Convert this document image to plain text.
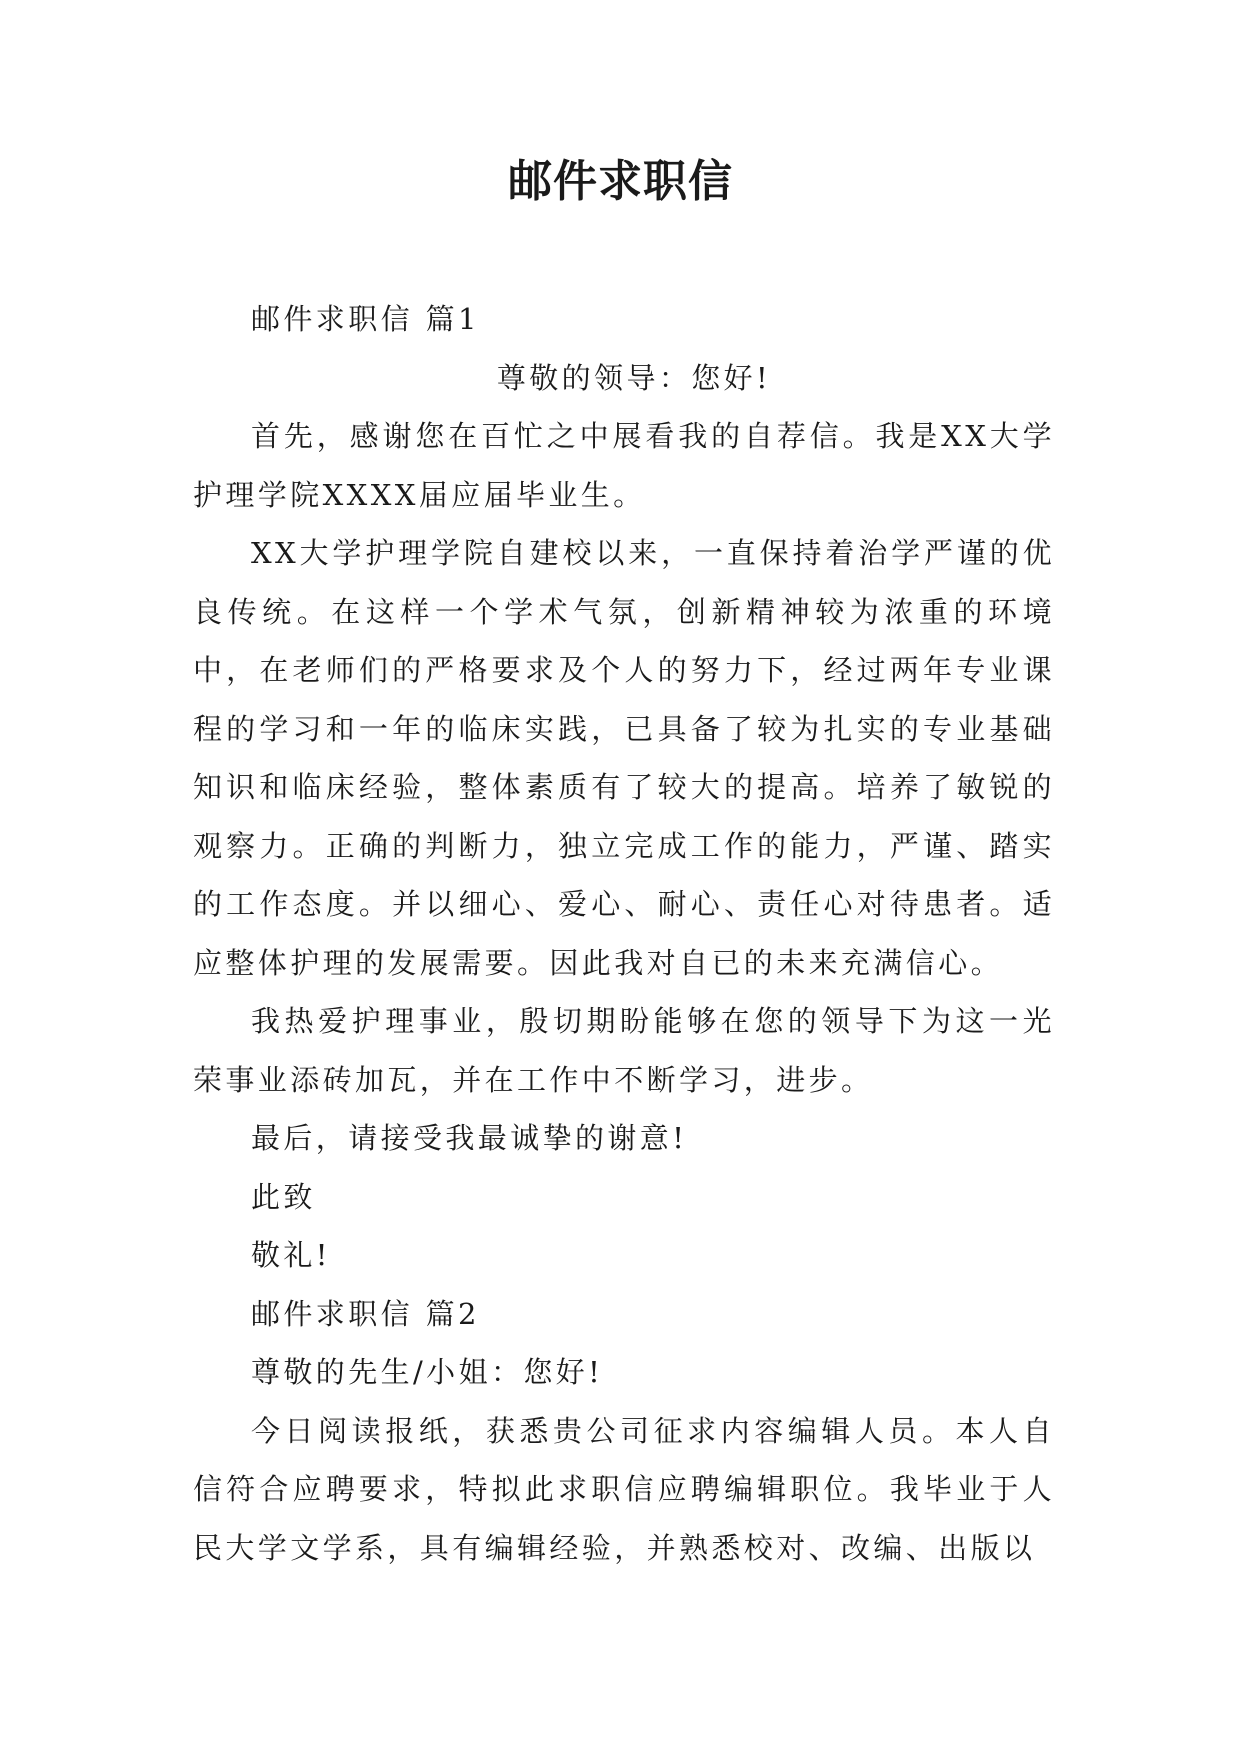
邮件求职信

邮件求职信 篇1

尊敬的领导：您好!

首先，感谢您在百忙之中展看我的自荐信。我是XX大学护理学院XXXX届应届毕业生。

XX大学护理学院自建校以来，一直保持着治学严谨的优良传统。在这样一个学术气氛，创新精神较为浓重的环境中，在老师们的严格要求及个人的努力下，经过两年专业课程的学习和一年的临床实践，已具备了较为扎实的专业基础知识和临床经验，整体素质有了较大的提高。培养了敏锐的观察力。正确的判断力，独立完成工作的能力，严谨、踏实的工作态度。并以细心、爱心、耐心、责任心对待患者。适应整体护理的发展需要。因此我对自已的未来充满信心。

我热爱护理事业，殷切期盼能够在您的领导下为这一光荣事业添砖加瓦，并在工作中不断学习，进步。

最后，请接受我最诚挚的谢意!

此致

敬礼!

邮件求职信 篇2

尊敬的先生/小姐：您好!

今日阅读报纸，获悉贵公司征求内容编辑人员。本人自信符合应聘要求，特拟此求职信应聘编辑职位。我毕业于人民大学文学系，具有编辑经验，并熟悉校对、改编、出版以
